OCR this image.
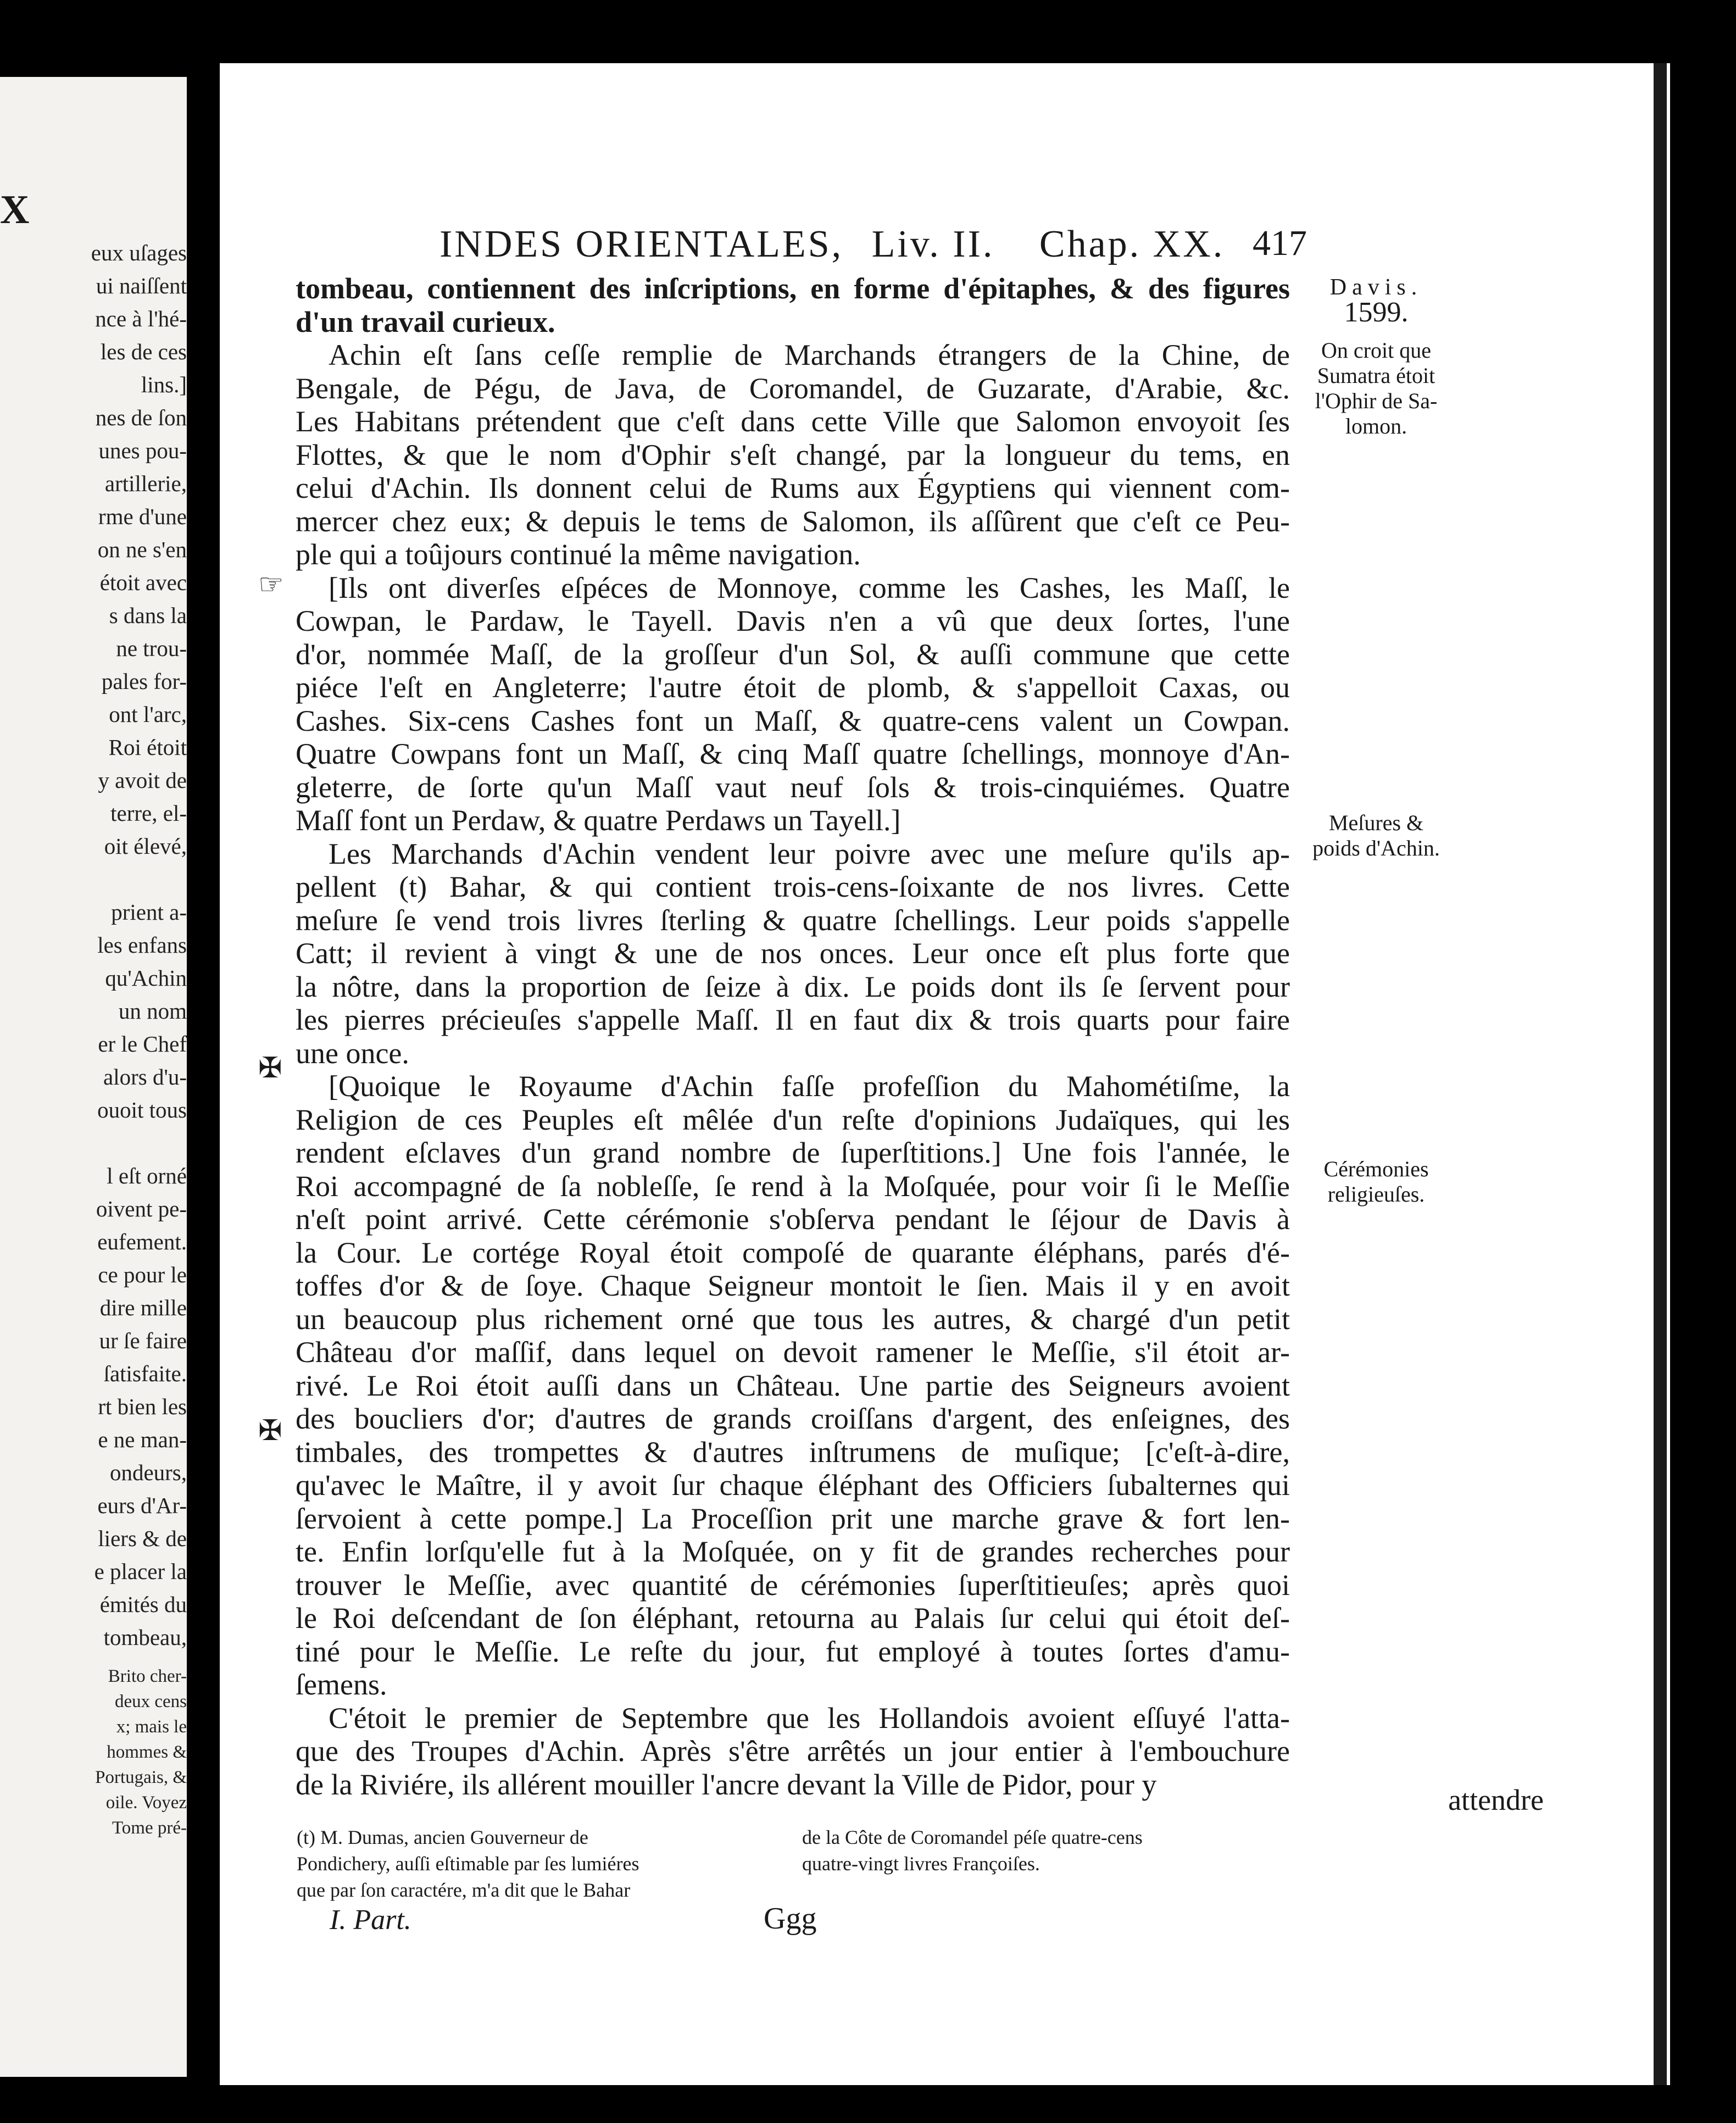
X
eux uſages
ui naiſſent
nce à l'hé-
les de ces
lins.]
nes de ſon
unes pou-
artillerie,
rme d'une
on ne s'en
étoit avec
s dans la
ne trou-
pales for-
ont l'arc,
Roi étoit
y avoit de
terre, el-
oit élevé,
prient a-
les enfans
qu'Achin
un nom
er le Chef
alors d'u-
ouoit tous
l eſt orné
oivent pe-
eufement.
ce pour le
dire mille
ur ſe faire
ſatisfaite.
rt bien les
e ne man-
ondeurs,
eurs d'Ar-
liers & de
e placer la
émités du
tombeau,
Brito cher-
deux cens
x; mais le
hommes &
Portugais, &
oile. Voyez
Tome pré-
INDES ORIENTALES, Liv. II. Chap. XX. 417
tombeau, contiennent des inſcriptions, en forme d'épitaphes, & des figures
d'un travail curieux.
Achin eſt ſans ceſſe remplie de Marchands étrangers de la Chine, de
Bengale, de Pégu, de Java, de Coromandel, de Guzarate, d'Arabie, &c.
Les Habitans prétendent que c'eſt dans cette Ville que Salomon envoyoit ſes
Flottes, & que le nom d'Ophir s'eſt changé, par la longueur du tems, en
celui d'Achin. Ils donnent celui de Rums aux Égyptiens qui viennent com-
mercer chez eux; & depuis le tems de Salomon, ils aſſûrent que c'eſt ce Peu-
ple qui a toûjours continué la même navigation.
[Ils ont diverſes eſpéces de Monnoye, comme les Cashes, les Maſſ, le
Cowpan, le Pardaw, le Tayell. Davis n'en a vû que deux ſortes, l'une
d'or, nommée Maſſ, de la groſſeur d'un Sol, & auſſi commune que cette
piéce l'eſt en Angleterre; l'autre étoit de plomb, & s'appelloit Caxas, ou
Cashes. Six-cens Cashes font un Maſſ, & quatre-cens valent un Cowpan.
Quatre Cowpans font un Maſſ, & cinq Maſſ quatre ſchellings, monnoye d'An-
gleterre, de ſorte qu'un Maſſ vaut neuf ſols & trois-cinquiémes. Quatre
Maſſ font un Perdaw, & quatre Perdaws un Tayell.]
Les Marchands d'Achin vendent leur poivre avec une meſure qu'ils ap-
pellent (t) Bahar, & qui contient trois-cens-ſoixante de nos livres. Cette
meſure ſe vend trois livres ſterling & quatre ſchellings. Leur poids s'appelle
Catt; il revient à vingt & une de nos onces. Leur once eſt plus forte que
la nôtre, dans la proportion de ſeize à dix. Le poids dont ils ſe ſervent pour
les pierres précieuſes s'appelle Maſſ. Il en faut dix & trois quarts pour faire
une once.
[Quoique le Royaume d'Achin faſſe profeſſion du Mahométiſme, la
Religion de ces Peuples eſt mêlée d'un reſte d'opinions Judaïques, qui les
rendent eſclaves d'un grand nombre de ſuperſtitions.] Une fois l'année, le
Roi accompagné de ſa nobleſſe, ſe rend à la Moſquée, pour voir ſi le Meſſie
n'eſt point arrivé. Cette cérémonie s'obſerva pendant le ſéjour de Davis à
la Cour. Le cortége Royal étoit compoſé de quarante éléphans, parés d'é-
toffes d'or & de ſoye. Chaque Seigneur montoit le ſien. Mais il y en avoit
un beaucoup plus richement orné que tous les autres, & chargé d'un petit
Château d'or maſſif, dans lequel on devoit ramener le Meſſie, s'il étoit ar-
rivé. Le Roi étoit auſſi dans un Château. Une partie des Seigneurs avoient
des boucliers d'or; d'autres de grands croiſſans d'argent, des enſeignes, des
timbales, des trompettes & d'autres inſtrumens de muſique; [c'eſt-à-dire,
qu'avec le Maître, il y avoit ſur chaque éléphant des Officiers ſubalternes qui
ſervoient à cette pompe.] La Proceſſion prit une marche grave & fort len-
te. Enfin lorſqu'elle fut à la Moſquée, on y fit de grandes recherches pour
trouver le Meſſie, avec quantité de cérémonies ſuperſtitieuſes; après quoi
le Roi deſcendant de ſon éléphant, retourna au Palais ſur celui qui étoit deſ-
tiné pour le Meſſie. Le reſte du jour, fut employé à toutes ſortes d'amu-
ſemens.
C'étoit le premier de Septembre que les Hollandois avoient eſſuyé l'atta-
que des Troupes d'Achin. Après s'être arrêtés un jour entier à l'embouchure
de la Riviére, ils allérent mouiller l'ancre devant la Ville de Pidor, pour y
Davis.
1599.
On croit que
Sumatra étoit
l'Ophir de Sa-
lomon.
Meſures &
poids d'Achin.
Cérémonies
religieuſes.
☞
✠
✠
attendre
(t) M. Dumas, ancien Gouverneur de
Pondichery, auſſi eſtimable par ſes lumiéres
que par ſon caractére, m'a dit que le Bahar
de la Côte de Coromandel péſe quatre-cens
quatre-vingt livres Françoiſes.
I. Part.	Ggg
